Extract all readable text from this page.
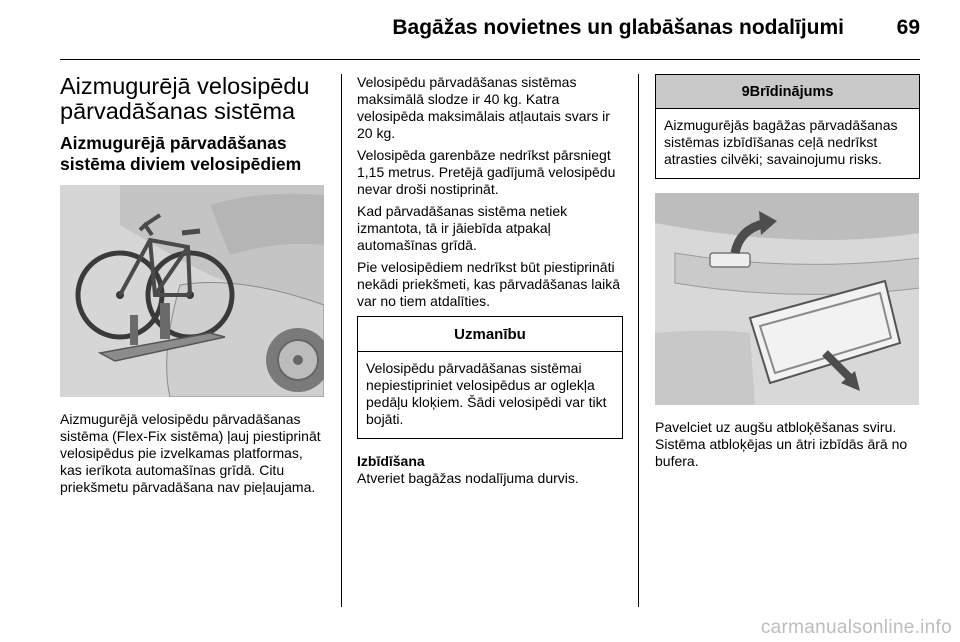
Bagāžas novietnes un glabāšanas nodalījumi	69
Aizmugurējā velosipēdu pārvadāšanas sistēma
Aizmugurējā pārvadāšanas sistēma diviem velosipēdiem

Aizmugurējā velosipēdu pārvadāšanas sistēma (Flex-Fix sistēma) ļauj piestiprināt velosipēdus pie izvelkamas platformas, kas ierīkota automašīnas grīdā. Citu priekšmetu pārvadāšana nav pieļaujama.

Velosipēdu pārvadāšanas sistēmas maksimālā slodze ir 40 kg. Katra velosipēda maksimālais atļautais svars ir 20 kg.

Velosipēda garenbāze nedrīkst pārsniegt 1,15 metrus. Pretējā gadījumā velosipēdu nevar droši nostiprināt.

Kad pārvadāšanas sistēma netiek izmantota, tā ir jāiebīda atpakaļ automašīnas grīdā.

Pie velosipēdiem nedrīkst būt piestiprināti nekādi priekšmeti, kas pārvadāšanas laikā var no tiem atdalīties.

Uzmanību
Velosipēdu pārvadāšanas sistēmai nepiestipriniet velosipēdus ar oglekļa pedāļu kloķiem. Šādi velosipēdi var tikt bojāti.

Izbīdīšana

Atveriet bagāžas nodalījuma durvis.

9Brīdinājums
Aizmugurējās bagāžas pārvadāšanas sistēmas izbīdīšanas ceļā nedrīkst atrasties cilvēki; savainojumu risks.

Pavelciet uz augšu atbloķēšanas sviru. Sistēma atbloķējas un ātri izbīdās ārā no bufera.

carmanualsonline.info
